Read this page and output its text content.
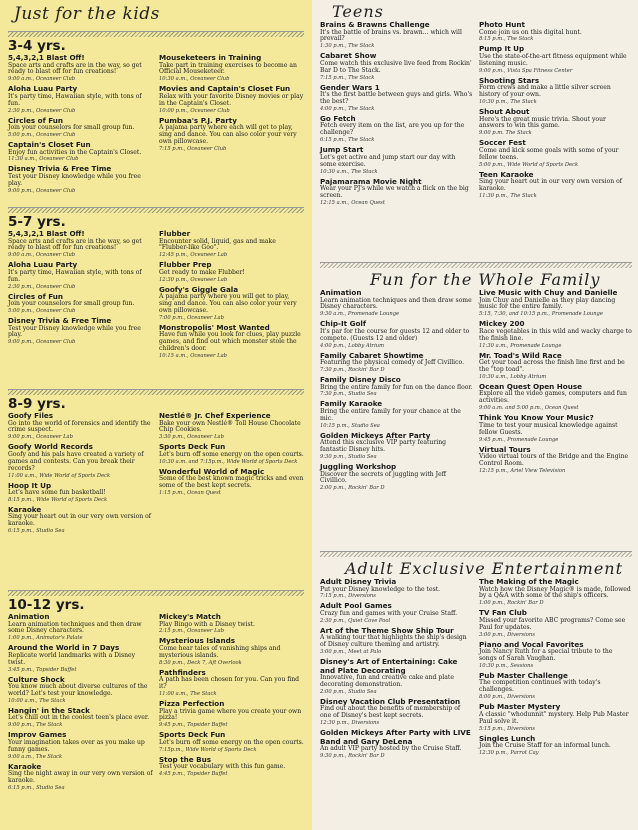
Just for the kids
3-4 yrs.
5,4,3,2,1 Blast Off!
Space arts and crafts are in the way, so get ready to blast off for fun creations!
9:00 a.m., Oceaneer Club
Aloha Luau Party
It's party time, Hawaiian style, with tons of fun.
2:30 p.m., Oceaneer Club
Circles of Fun
Join your counselors for small group fun.
5:00 p.m., Oceaneer Club
Captain's Closet Fun
Enjoy fun activities in the Captain's Closet.
11:30 a.m., Oceaneer Club
Disney Trivia & Free Time
Test your Disney knowledge while you free play.
9:00 p.m., Oceaneer Club
Mouseketeers in Training
Take part in training exercises to become an Official Mouseketeer.
10:30 a.m., Oceaneer Club
Movies and Captain's Closet Fun
Relax with your favorite Disney movies or play in the Captain's Closet.
10:00 p.m., Oceaneer Club
Pumbaa's P.J. Party
A pajama party where each will get to play, sing and dance. You can also color your very own pillowcase.
7:15 p.m., Oceaneer Club
5-7 yrs.
5,4,3,2,1 Blast Off!
Space arts and crafts are in the way, so get ready to blast off for fun creations!
9:00 a.m., Oceaneer Club
Aloha Luau Party
It's party time, Hawaiian style, with tons of fun.
2:30 p.m., Oceaneer Club
Circles of Fun
Join your counselors for small group fun.
5:00 p.m., Oceaneer Club
Disney Trivia & Free Time
Test your Disney knowledge while you free play.
9:00 p.m., Oceaneer Club
Flubber
Encounter solid, liquid, gas and make "Flubber-like Goo".
12:45 p.m., Oceaneer Lab
Flubber Prep
Get ready to make Flubber!
12:30 p.m., Oceaneer Lab
Goofy's Giggle Gala
A pajama party where you will get to play, sing and dance. You can also color your very own pillowcase.
7:00 p.m., Oceaneer Lab
Monstropolis' Most Wanted
Have fun while you look for clues, play puzzle games, and find out which monster stole the children's door.
10:15 a.m., Oceaneer Lab
8-9 yrs.
Goofy Files
Go into the world of forensics and identify the crime suspect.
9:00 p.m., Oceaneer Lab
Goofy World Records
Goofy and his pals have created a variety of games and contests. Can you break their records?
11:00 a.m., Wide World of Sports Deck
Hoop It Up
Let's have some fun basketball!
8:15 p.m., Wide World of Sports Deck
Karaoke
Sing your heart out in our very own version of karaoke.
6:15 p.m., Studio Sea
Nestlé® Jr. Chef Experience
Bake your own Nestlé® Toll House Chocolate Chip Cookies.
3:30 p.m., Oceaneer Lab
Sports Deck Fun
Let's burn off some energy on the open courts.
10:30 a.m. and 7:15p.m., Wide World of Sports Deck
Wonderful World of Magic
Some of the best known magic tricks and even some of the best kept secrets.
1:15 p.m., Ocean Quest
10-12 yrs.
Animation
Learn animation techniques and then draw some Disney characters.
1:00 p.m., Animator's Palate
Around the World in 7 Days
Replicate world landmarks with a Disney twist.
3:45 p.m., Topsider Buffet
Culture Shock
You know much about diverse cultures of the world? Let's test your knowledge.
10:00 a.m., The Stack
Hangin' in the Stack
Let's chill out in the coolest teen's place ever.
9:00 p.m., The Stack
Improv Games
Your imagination takes over as you make up funny games.
9:00 a.m., The Stack
Karaoke
Sing the night away in our very own version of karaoke.
6:15 p.m., Studio Sea
Mickey's Match
Play Bingo with a Disney twist.
2:15 p.m., Oceaneer Lab
Mysterious Islands
Come hear tales of vanishing ships and mysterious islands.
8:30 p.m., Deck 7, Aft Overlook
Pathfinders
A path has been chosen for you. Can you find it?
11:00 a.m., The Stack
Pizza Perfection
Play a trivia game where you create your own pizza!
9:45 p.m., Topsider Buffet
Sports Deck Fun
Let's burn off some energy on the open courts.
7:15p.m., Wide World of Sports Deck
Stop the Bus
Test your vocabulary with this fun game.
4:45 p.m., Topsider Buffet
Teens
Brains & Brawns Challenge
It's the battle of brains vs. brawn... which will prevail?
1:30 p.m., The Stack
Cabaret Show
Come watch this exclusive live feed from Rockin' Bar D to The Stack.
7:15 p.m., The Stack
Gender Wars 1
It's the first battle between guys and girls. Who's the best?
4:00 p.m., The Stack
Go Fetch
Fetch every item on the list, are you up for the challenge?
6:15 p.m., The Stack
Jump Start
Let's get active and jump start our day with some exercise.
10:30 a.m., The Stack
Pajamarama Movie Night
Wear your PJ's while we watch a flick on the big screen.
12:15 a.m., Ocean Quest
Photo Hunt
Come join us on this digital hunt.
8:15 p.m., The Stack
Pump It Up
Use the state-of-the-art fitness equipment while listening music.
9:00 p.m., Vista Spa Fitness Center
Shooting Stars
Form crews and make a little silver screen history of your own.
10:30 p.m., The Stack
Shout About
Here's the great music trivia. Shout your answers to win this game.
9:00 p.m. The Stack
Soccer Fest
Come and kick some goals with some of your fellow teens.
5:00 p.m., Wide World of Sports Deck
Teen Karaoke
Sing your heart out in our very own version of karaoke.
11:30 p.m., The Stack
Fun for the Whole Family
Animation
Learn animation techniques and then draw some Disney characters.
9:30 a.m., Promenade Lounge
Chip-It Golf
It's par for the course for guests 12 and older to compete. (Guests 12 and older)
4:00 p.m., Lobby Atrium
Family Cabaret Showtime
Featuring the physical comedy of Jeff Civillico.
7:30 p.m., Rockin' Bar D
Family Disney Disco
Bring the entire family for fun on the dance floor.
7:30 p.m., Studio Sea
Family Karaoke
Bring the entire family for your chance at the mic.
10:15 p.m., Studio Sea
Golden Mickeys After Party
Attend this exclusive VIP party featuring fantastic Disney hits.
9:30 p.m., Studio Sea
Juggling Workshop
Discover the secrets of juggling with Jeff Civillico.
2:00 p.m., Rockin' Bar D
Live Music with Chuy and Danielle
Join Chuy and Danielle as they play dancing music for the entire family.
5:15, 7:30, and 10:15 p.m., Promenade Lounge
Mickey 200
Race vegetables in this wild and wacky charge to the finish line.
11:30 a.m., Promenade Lounge
Mr. Toad's Wild Race
Get your toad across the finish line first and be the "top toad".
10:30 a.m., Lobby Atrium
Ocean Quest Open House
Explore all the video games, computers and fun activities.
9:00 a.m. and 5:00 p.m., Ocean Quest
Think You Know Your Music?
Time to test your musical knowledge against fellow Guests.
9:45 p.m., Promenade Lounge
Virtual Tours
Video virtual tours of the Bridge and the Engine Control Room.
12:15 p.m., Ariel View Television
Adult Exclusive Entertainment
Adult Disney Trivia
Put your Disney knowledge to the test.
7:15 p.m., Diversions
Adult Pool Games
Crazy fun and games with your Cruise Staff.
2:30 p.m., Quiet Cove Pool
Art of the Theme Show Ship Tour
A walking tour that highlights the ship's design of Disney culture theming and artistry.
3:00 p.m., Meet at Palo
Disney's Art of Entertaining: Cake and Plate Decorating
Innovative, fun and creative cake and plate decorating demonstration.
2:00 p.m., Studio Sea
Disney Vacation Club Presentation
Find out about the benefits of membership of one of Disney's best kept secrets.
12:30 p.m., Diversions
Golden Mickeys After Party with LIVE Band and Gary DeLena
An adult VIP party hosted by the Cruise Staff.
9:30 p.m., Rockin' Bar D
The Making of the Magic
Watch how the Disney Magic® is made, followed by a Q&A with some of the ship's officers.
1:00 p.m., Rockin' Bar D
TV Fan Club
Missed your favorite ABC programs? Come see Paul for updates.
3:00 p.m., Diversions
Piano and Vocal Favorites
Join Nancy Ruth for a special tribute to the songs of Sarah Vaughan.
10:30 p.m., Sessions
Pub Master Challenge
The competition continues with today's challenges.
8:00 p.m., Diversions
Pub Master Mystery
A classic "whodunnit" mystery. Help Pub Master Paul solve it.
5:15 p.m., Diversions
Singles Lunch
Join the Cruise Staff for an informal lunch.
12:30 p.m., Parrot Cay
